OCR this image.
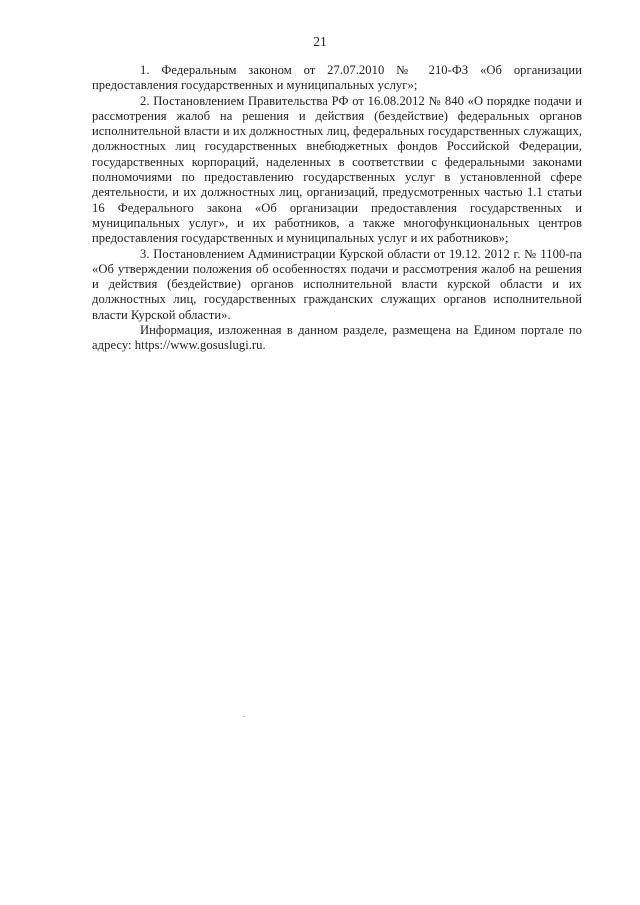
21

1. Федеральным законом от 27.07.2010 № 210-ФЗ «Об организации предоставления государственных и муниципальных услуг»;

2. Постановлением Правительства РФ от 16.08.2012 № 840 «О порядке подачи и рассмотрения жалоб на решения и действия (бездействие) федеральных органов исполнительной власти и их должностных лиц, федеральных государственных служащих, должностных лиц государственных внебюджетных фондов Российской Федерации, государственных корпораций, наделенных в соответствии с федеральными законами полномочиями по предоставлению государственных услуг в установленной сфере деятельности, и их должностных лиц, организаций, предусмотренных частью 1.1 статьи 16 Федерального закона «Об организации предоставления государственных и муниципальных услуг», и их работников, а также многофункциональных центров предоставления государственных и муниципальных услуг и их работников»;

3. Постановлением Администрации Курской области от 19.12. 2012 г. № 1100-па «Об утверждении положения об особенностях подачи и рассмотрения жалоб на решения и действия (бездействие) органов исполнительной власти курской области и их должностных лиц, государственных гражданских служащих органов исполнительной власти Курской области».

Информация, изложенная в данном разделе, размещена на Едином портале по адресу: https://www.gosuslugi.ru.
